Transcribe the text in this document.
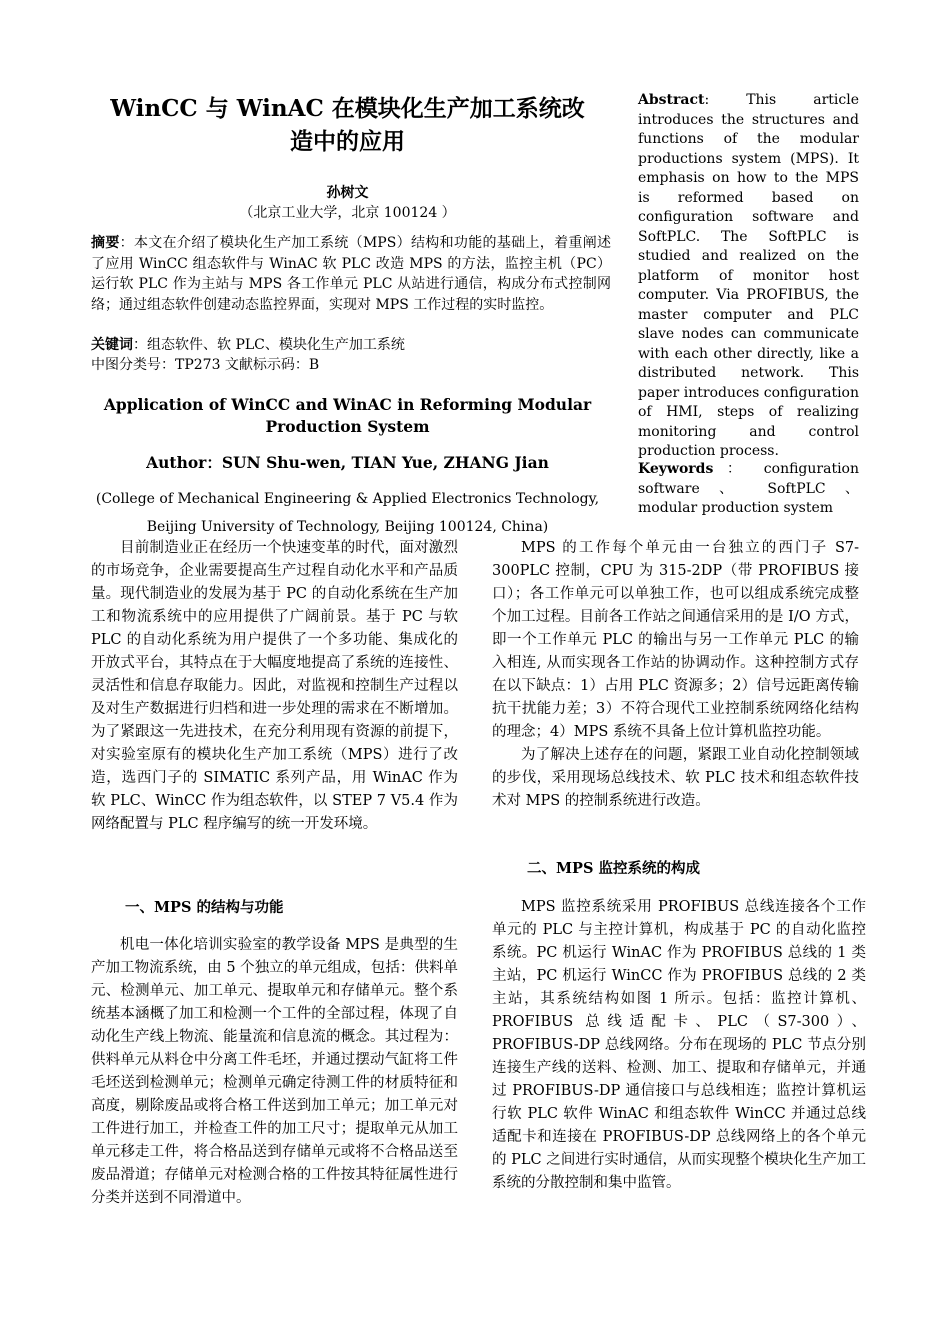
WinCC 与 WinAC 在模块化生产加工系统改
造中的应用
孙树文
（北京工业大学，北京 100124 ）
摘要：本文在介绍了模块化生产加工系统（MPS）结构和功能的基础上，着重阐述了应用 WinCC 组态软件与 WinAC 软 PLC 改造 MPS 的方法，监控主机（PC）运行软 PLC 作为主站与 MPS 各工作单元 PLC 从站进行通信，构成分布式控制网络；通过组态软件创建动态监控界面，实现对 MPS 工作过程的实时监控。
关键词：组态软件、软 PLC、模块化生产加工系统
中图分类号：TP273 文献标示码：B
Application of WinCC and WinAC in Reforming Modular Production System
Author：SUN Shu-wen, TIAN Yue, ZHANG Jian
(College of Mechanical Engineering & Applied Electronics Technology,
Beijing University of Technology, Beijing 100124, China)
Abstract: This article introduces the structures and functions of the modular productions system (MPS). It emphasis on how to the MPS is reformed based on configuration software and SoftPLC. The SoftPLC is studied and realized on the platform of monitor host computer. Via PROFIBUS, the master computer and PLC slave nodes can communicate with each other directly, like a distributed network. This paper introduces configuration of HMI, steps of realizing monitoring and control production process.
Keywords ： configuration software 、 SoftPLC 、 modular production system

目前制造业正在经历一个快速变革的时代，面对激烈的市场竞争，企业需要提高生产过程自动化水平和产品质量。现代制造业的发展为基于 PC 的自动化系统在生产加工和物流系统中的应用提供了广阔前景。基于 PC 与软 PLC 的自动化系统为用户提供了一个多功能、集成化的开放式平台，其特点在于大幅度地提高了系统的连接性、灵活性和信息存取能力。因此，对监视和控制生产过程以及对生产数据进行归档和进一步处理的需求在不断增加。为了紧跟这一先进技术，在充分利用现有资源的前提下，对实验室原有的模块化生产加工系统（MPS）进行了改造，选西门子的 SIMATIC 系列产品，用 WinAC 作为软 PLC、WinCC 作为组态软件，以 STEP 7 V5.4 作为网络配置与 PLC 程序编写的统一开发环境。

一、MPS 的结构与功能

机电一体化培训实验室的教学设备 MPS 是典型的生产加工物流系统，由 5 个独立的单元组成，包括：供料单元、检测单元、加工单元、提取单元和存储单元。整个系统基本涵概了加工和检测一个工件的全部过程，体现了自动化生产线上物流、能量流和信息流的概念。其过程为：供料单元从料仓中分离工件毛坯，并通过摆动气缸将工件毛坯送到检测单元；检测单元确定待测工件的材质特征和高度，剔除废品或将合格工件送到加工单元；加工单元对工件进行加工，并检查工件的加工尺寸；提取单元从加工单元移走工件，将合格品送到存储单元或将不合格品送至废品滑道；存储单元对检测合格的工件按其特征属性进行分类并送到不同滑道中。

MPS 的工作每个单元由一台独立的西门子 S7-300PLC 控制，CPU 为 315-2DP（带 PROFIBUS 接口）；各工作单元可以单独工作，也可以组成系统完成整个加工过程。目前各工作站之间通信采用的是 I/O 方式，即一个工作单元 PLC 的输出与另一工作单元 PLC 的输入相连, 从而实现各工作站的协调动作。这种控制方式存在以下缺点：1）占用 PLC 资源多；2）信号远距离传输抗干扰能力差；3）不符合现代工业控制系统网络化结构的理念；4）MPS 系统不具备上位计算机监控功能。

为了解决上述存在的问题，紧跟工业自动化控制领域的步伐，采用现场总线技术、软 PLC 技术和组态软件技术对 MPS 的控制系统进行改造。

二、MPS 监控系统的构成

MPS 监控系统采用 PROFIBUS 总线连接各个工作单元的 PLC 与主控计算机，构成基于 PC 的自动化监控系统。PC 机运行 WinAC 作为 PROFIBUS 总线的 1 类主站，PC 机运行 WinCC 作为 PROFIBUS 总线的 2 类主站，其系统结构如图 1 所示。包括：监控计算机、PROFIBUS 总线适配卡、PLC（S7-300）、PROFIBUS-DP 总线网络。分布在现场的 PLC 节点分别连接生产线的送料、检测、加工、提取和存储单元，并通过 PROFIBUS-DP 通信接口与总线相连；监控计算机运行软 PLC 软件 WinAC 和组态软件 WinCC 并通过总线适配卡和连接在 PROFIBUS-DP 总线网络上的各个单元的 PLC 之间进行实时通信，从而实现整个模块化生产加工系统的分散控制和集中监管。
